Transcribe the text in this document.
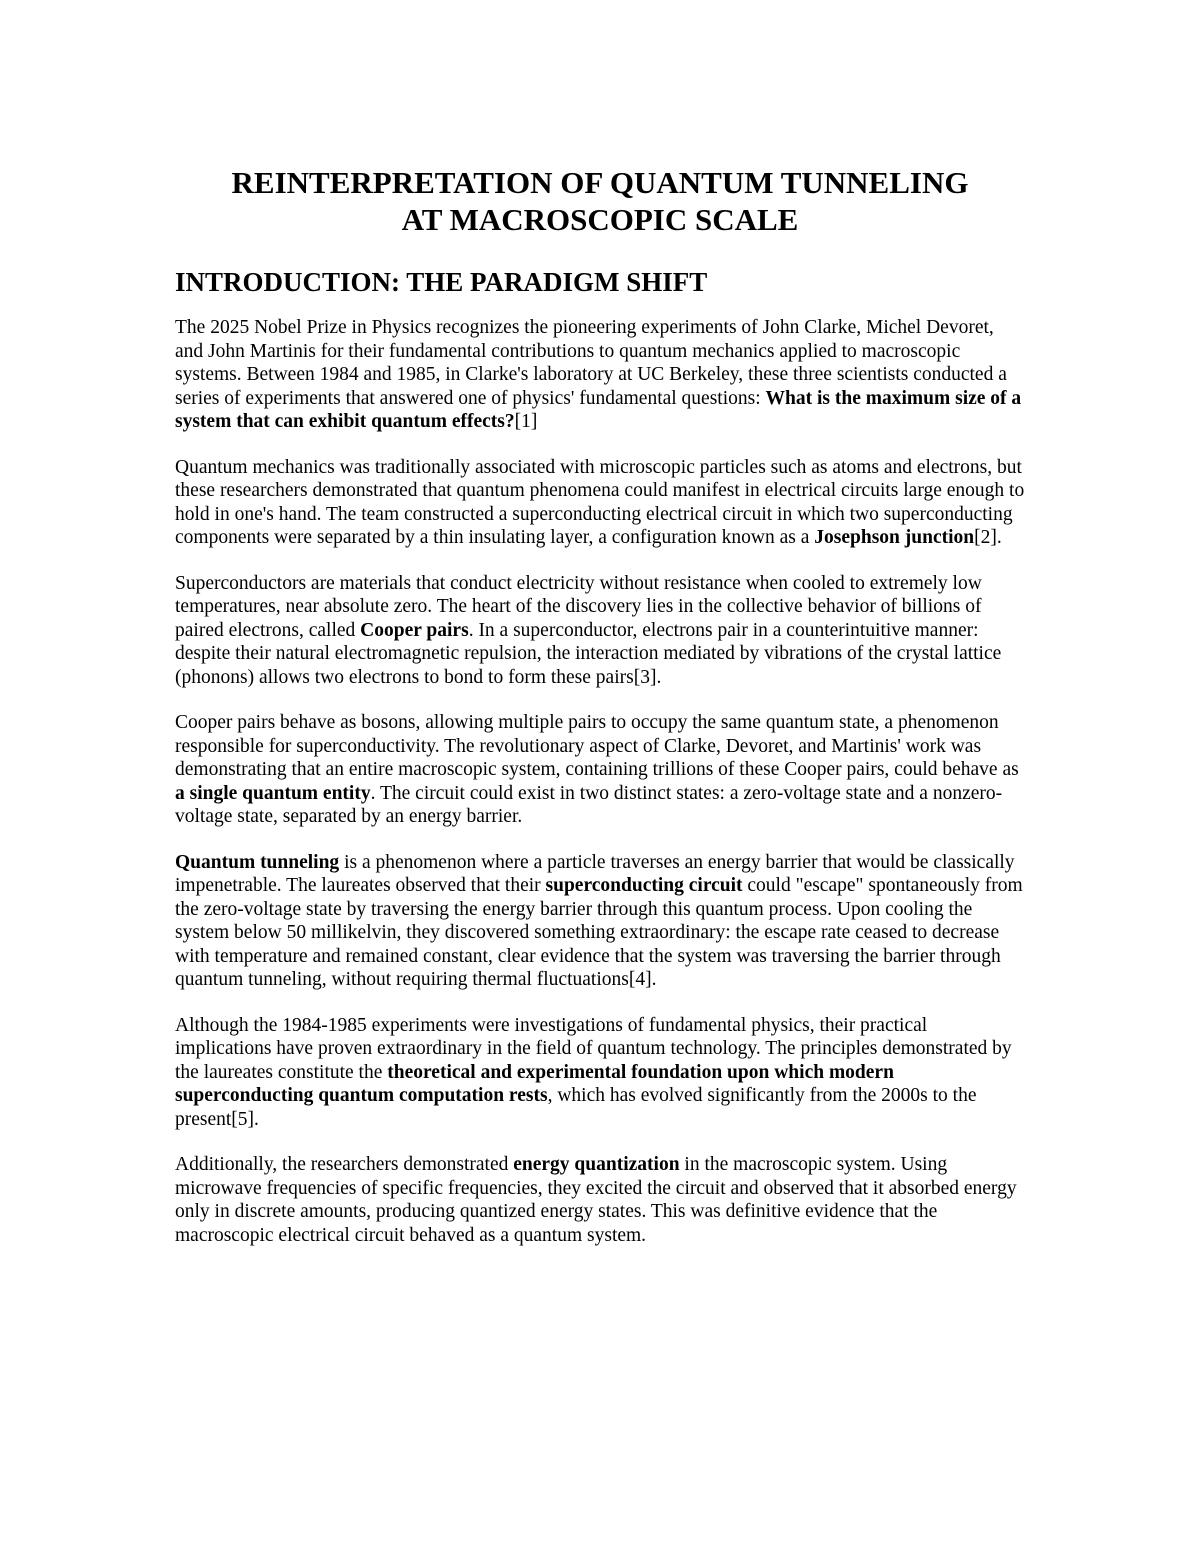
REINTERPRETATION OF QUANTUM TUNNELING
AT MACROSCOPIC SCALE
INTRODUCTION: THE PARADIGM SHIFT

The 2025 Nobel Prize in Physics recognizes the pioneering experiments of John Clarke, Michel Devoret, and John Martinis for their fundamental contributions to quantum mechanics applied to macroscopic systems. Between 1984 and 1985, in Clarke's laboratory at UC Berkeley, these three scientists conducted a series of experiments that answered one of physics' fundamental questions: What is the maximum size of a system that can exhibit quantum effects?[1]

Quantum mechanics was traditionally associated with microscopic particles such as atoms and electrons, but these researchers demonstrated that quantum phenomena could manifest in electrical circuits large enough to hold in one's hand. The team constructed a superconducting electrical circuit in which two superconducting components were separated by a thin insulating layer, a configuration known as a Josephson junction[2].

Superconductors are materials that conduct electricity without resistance when cooled to extremely low temperatures, near absolute zero. The heart of the discovery lies in the collective behavior of billions of paired electrons, called Cooper pairs. In a superconductor, electrons pair in a counterintuitive manner: despite their natural electromagnetic repulsion, the interaction mediated by vibrations of the crystal lattice (phonons) allows two electrons to bond to form these pairs[3].

Cooper pairs behave as bosons, allowing multiple pairs to occupy the same quantum state, a phenomenon responsible for superconductivity. The revolutionary aspect of Clarke, Devoret, and Martinis' work was demonstrating that an entire macroscopic system, containing trillions of these Cooper pairs, could behave as a single quantum entity. The circuit could exist in two distinct states: a zero-voltage state and a nonzero-voltage state, separated by an energy barrier.

Quantum tunneling is a phenomenon where a particle traverses an energy barrier that would be classically impenetrable. The laureates observed that their superconducting circuit could "escape" spontaneously from the zero-voltage state by traversing the energy barrier through this quantum process. Upon cooling the system below 50 millikelvin, they discovered something extraordinary: the escape rate ceased to decrease with temperature and remained constant, clear evidence that the system was traversing the barrier through quantum tunneling, without requiring thermal fluctuations[4].

Although the 1984-1985 experiments were investigations of fundamental physics, their practical implications have proven extraordinary in the field of quantum technology. The principles demonstrated by the laureates constitute the theoretical and experimental foundation upon which modern superconducting quantum computation rests, which has evolved significantly from the 2000s to the present[5].

Additionally, the researchers demonstrated energy quantization in the macroscopic system. Using microwave frequencies of specific frequencies, they excited the circuit and observed that it absorbed energy only in discrete amounts, producing quantized energy states. This was definitive evidence that the macroscopic electrical circuit behaved as a quantum system.
